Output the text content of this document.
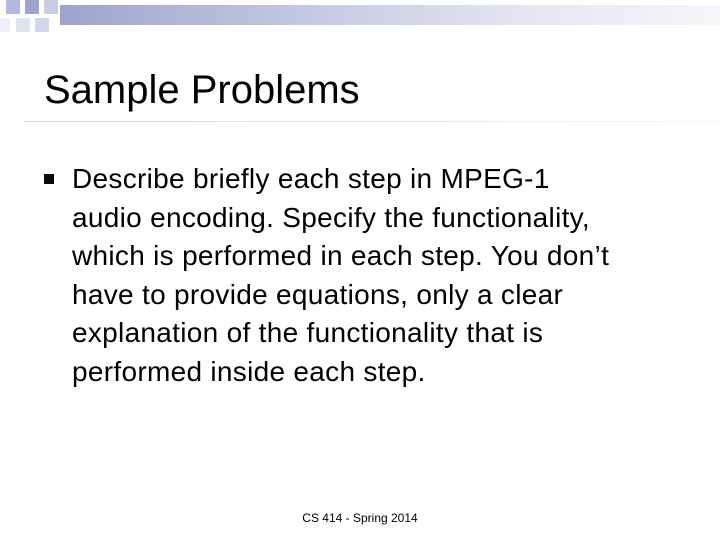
Sample Problems

Describe briefly each step in MPEG-1
audio encoding. Specify the functionality,
which is performed in each step. You don’t
have to provide equations, only a clear
explanation of the functionality that is
performed inside each step.

CS 414 - Spring 2014
